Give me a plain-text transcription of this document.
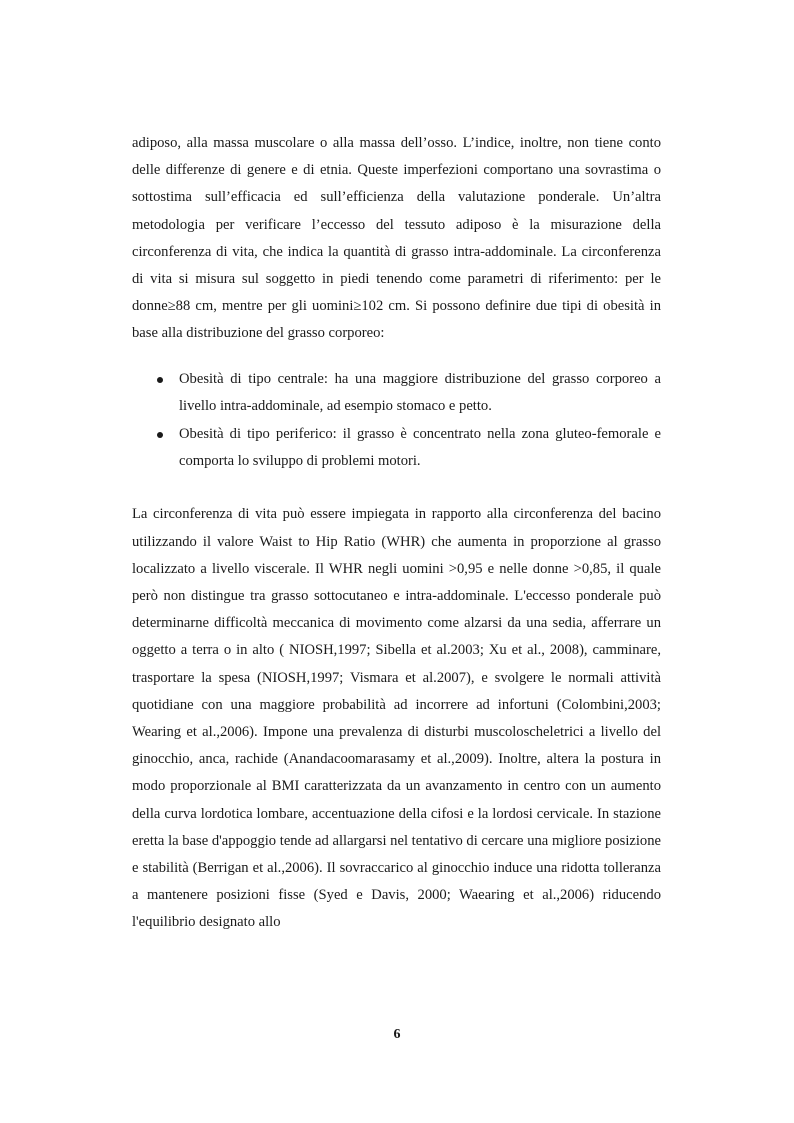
adiposo, alla massa muscolare o alla massa dell’osso. L’indice, inoltre, non tiene conto delle differenze di genere e di etnia. Queste imperfezioni comportano una sovrastima o sottostima sull’efficacia ed sull’efficienza della valutazione ponderale. Un’altra metodologia per verificare l’eccesso del tessuto adiposo è la misurazione della circonferenza di vita, che indica la quantità di grasso intra-addominale. La circonferenza di vita si misura sul soggetto in piedi tenendo come parametri di riferimento: per le donne≥88 cm, mentre per gli uomini≥102 cm. Si possono definire due tipi di obesità in base alla distribuzione del grasso corporeo:

Obesità di tipo centrale: ha una maggiore distribuzione del grasso corporeo a livello intra-addominale, ad esempio stomaco e petto.
Obesità di tipo periferico: il grasso è concentrato nella zona gluteo-femorale e comporta lo sviluppo di problemi motori.

La circonferenza di vita può essere impiegata in rapporto alla circonferenza del bacino utilizzando il valore Waist to Hip Ratio (WHR) che aumenta in proporzione al grasso localizzato a livello viscerale. Il WHR negli uomini >0,95 e nelle donne >0,85, il quale però non distingue tra grasso sottocutaneo e intra-addominale. L'eccesso ponderale può determinarne difficoltà meccanica di movimento come alzarsi da una sedia, afferrare un oggetto a terra o in alto ( NIOSH,1997; Sibella et al.2003; Xu et al., 2008), camminare, trasportare la spesa (NIOSH,1997; Vismara et al.2007), e svolgere le normali attività quotidiane con una maggiore probabilità ad incorrere ad infortuni (Colombini,2003; Wearing et al.,2006). Impone una prevalenza di disturbi muscoloscheletrici a livello del ginocchio, anca, rachide (Anandacoomarasamy et al.,2009). Inoltre, altera la postura in modo proporzionale al BMI caratterizzata da un avanzamento in centro con un aumento della curva lordotica lombare, accentuazione della cifosi e la lordosi cervicale. In stazione eretta la base d'appoggio tende ad allargarsi nel tentativo di cercare una migliore posizione e stabilità (Berrigan et al.,2006). Il sovraccarico al ginocchio induce una ridotta tolleranza a mantenere posizioni fisse (Syed e Davis, 2000; Waearing et al.,2006) riducendo l'equilibrio designato allo

6
